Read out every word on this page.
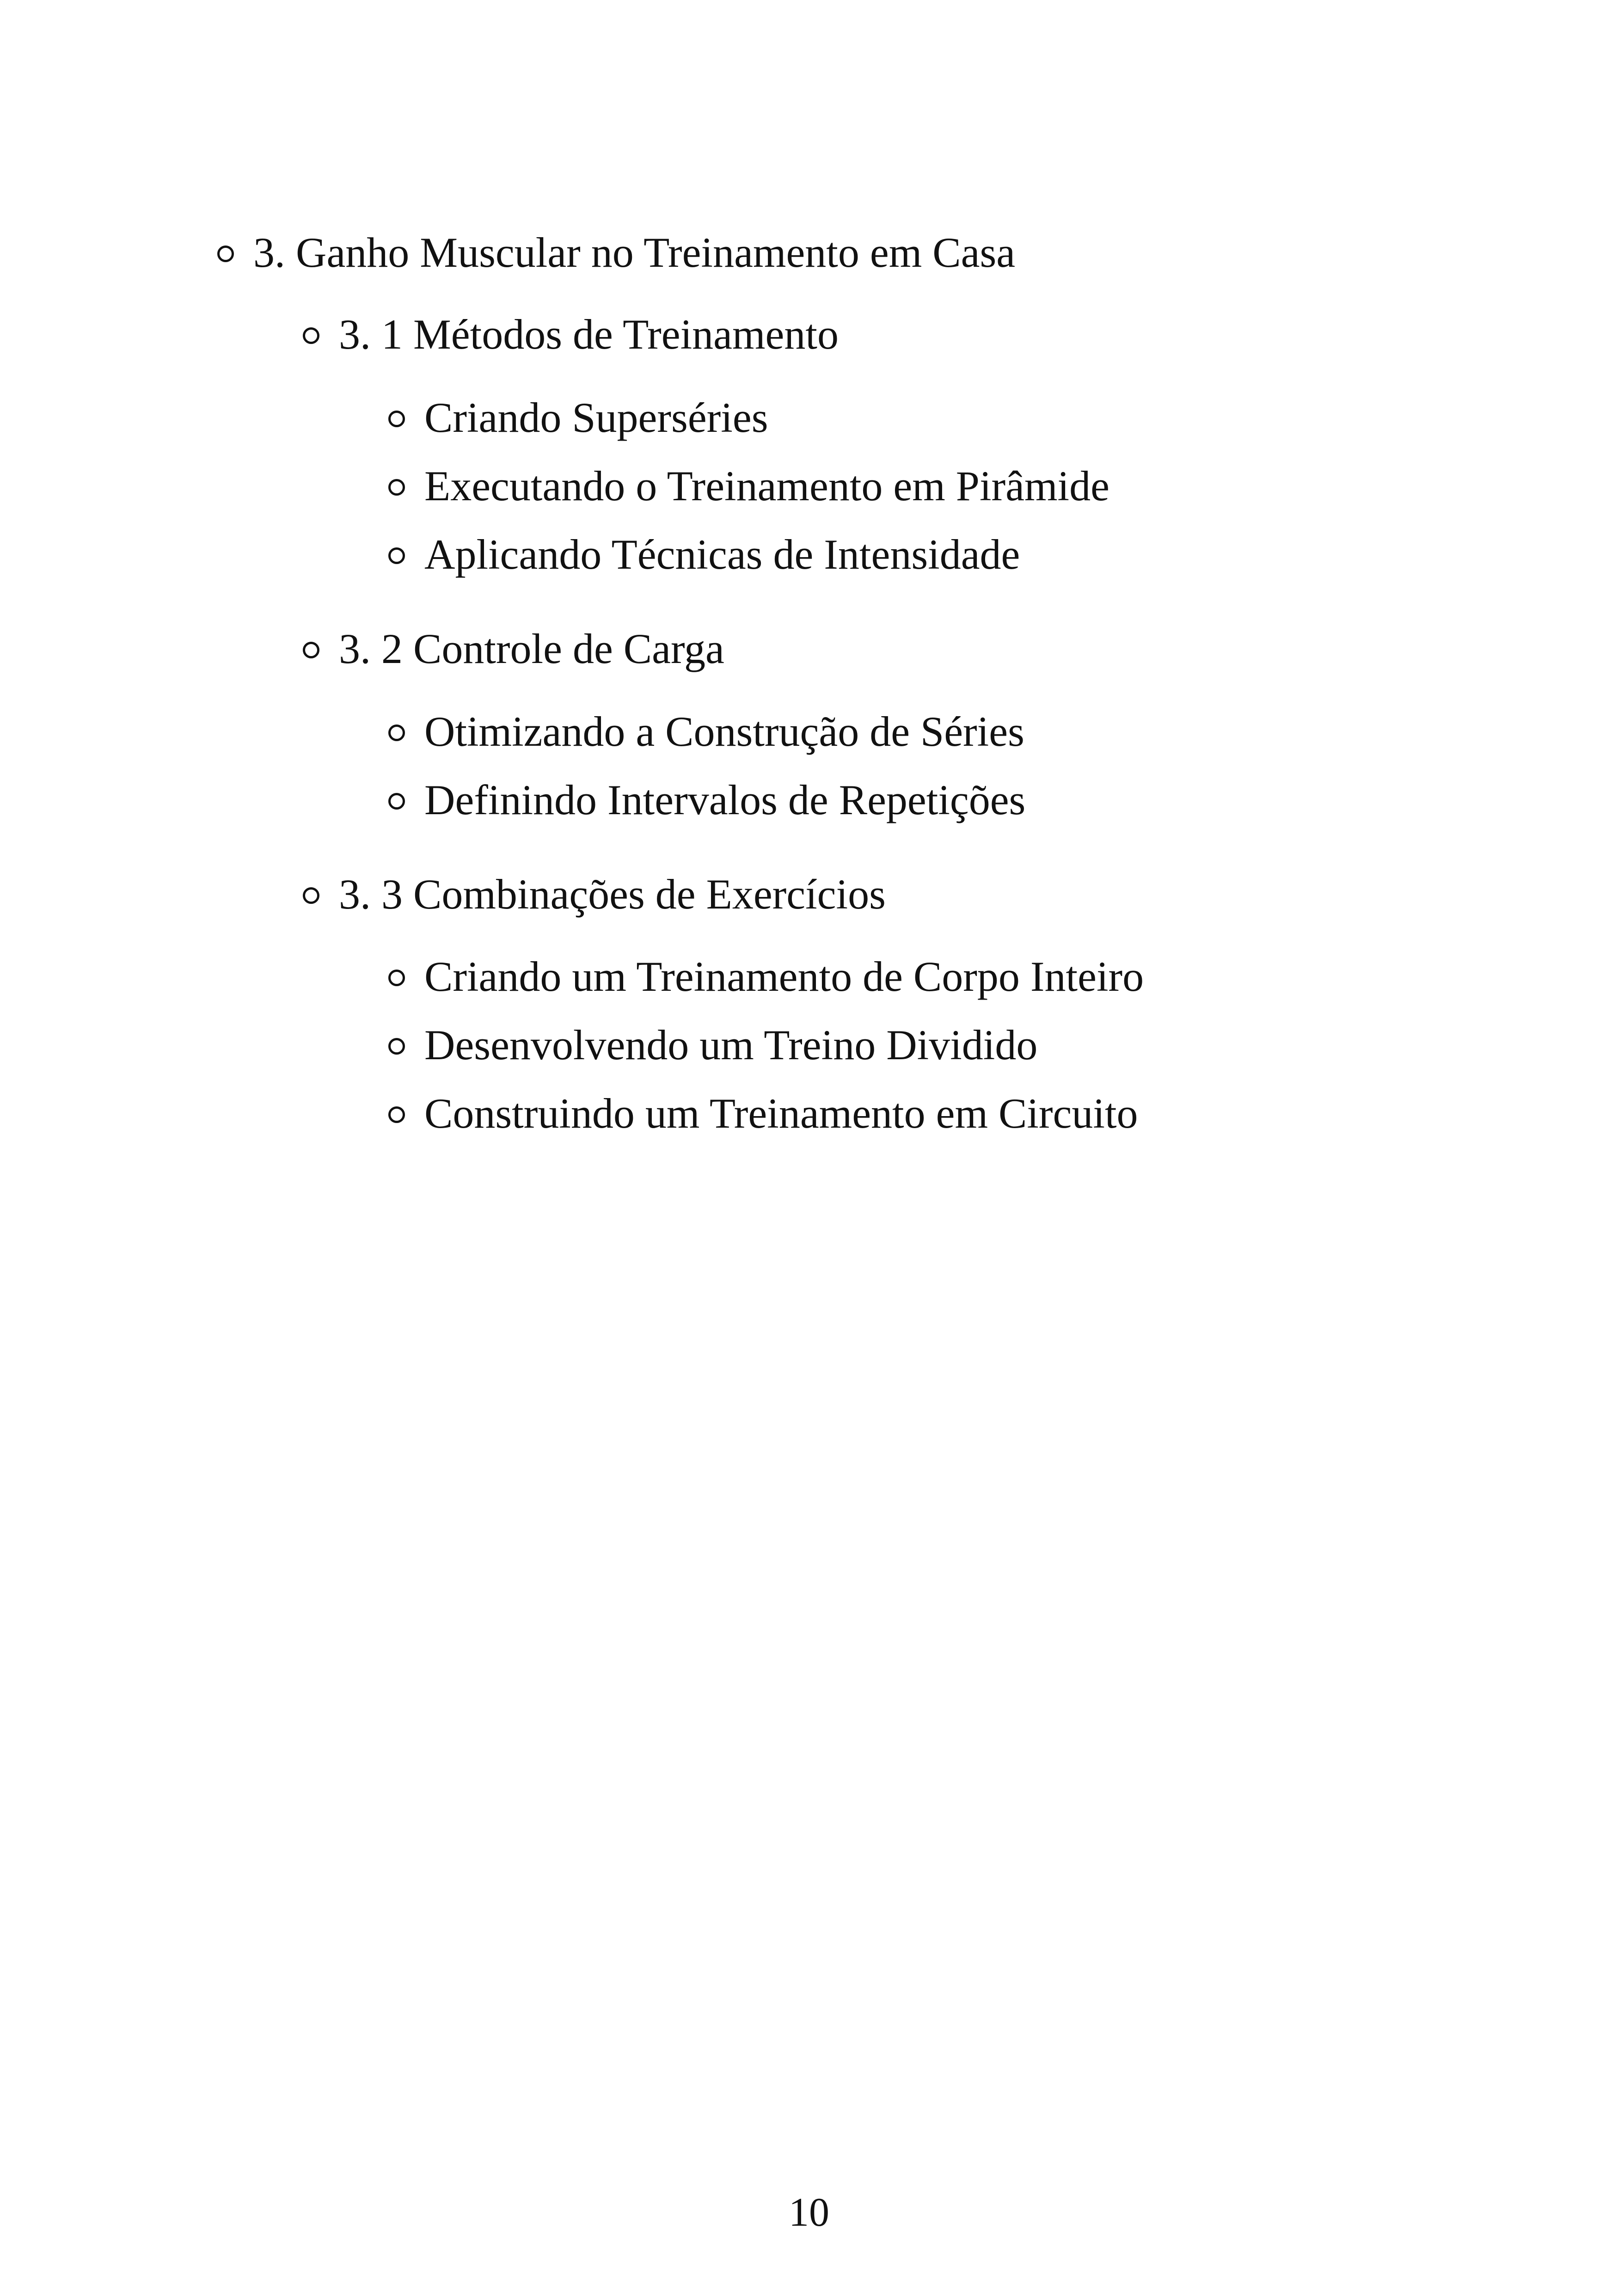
3. Ganho Muscular no Treinamento em Casa
3. 1 Métodos de Treinamento
Criando Superséries
Executando o Treinamento em Pirâmide
Aplicando Técnicas de Intensidade
3. 2 Controle de Carga
Otimizando a Construção de Séries
Definindo Intervalos de Repetições
3. 3 Combinações de Exercícios
Criando um Treinamento de Corpo Inteiro
Desenvolvendo um Treino Dividido
Construindo um Treinamento em Circuito
10
